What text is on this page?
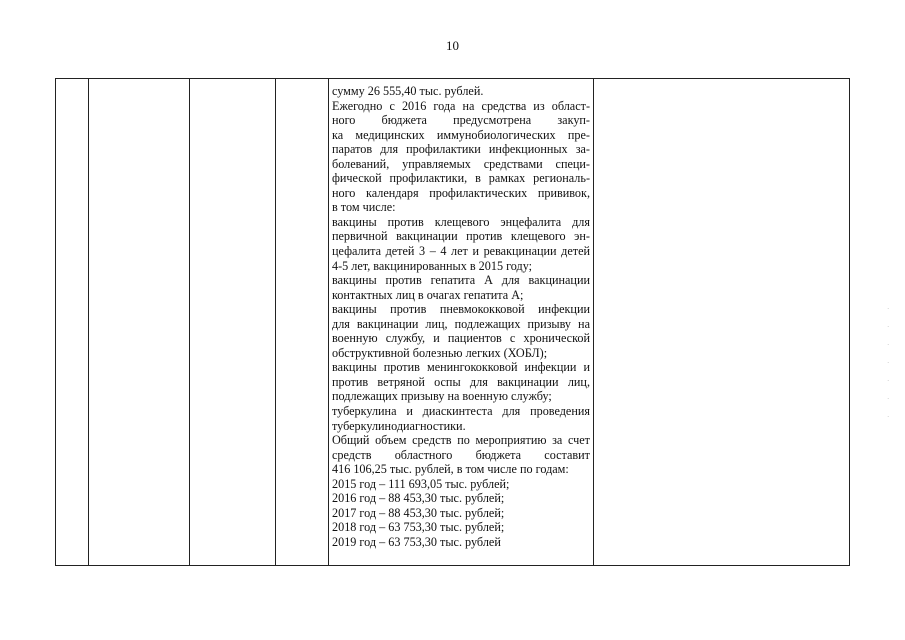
10

сумму 26 555,40 тыс. рублей.
Ежегодно с 2016 года на средства из област-
ного бюджета предусмотрена закуп-
ка медицинских иммунобиологических пре-
паратов для профилактики инфекционных за-
болеваний, управляемых средствами специ-
фической профилактики, в рамках региональ-
ного календаря профилактических прививок,
в том числе:
вакцины против клещевого энцефалита для
первичной вакцинации против клещевого эн-
цефалита детей 3 – 4 лет и ревакцинации детей
4-5 лет, вакцинированных в 2015 году;
вакцины против гепатита А для вакцинации
контактных лиц в очагах гепатита А;
вакцины против пневмококковой инфекции
для вакцинации лиц, подлежащих призыву на
военную службу, и пациентов с хронической
обструктивной болезнью легких (ХОБЛ);
вакцины против менингококковой инфекции и
против ветряной оспы для вакцинации лиц,
подлежащих призыву на военную службу;
туберкулина и диаскинтеста для проведения
туберкулинодиагностики.
Общий объем средств по мероприятию за счет
средств областного бюджета составит
416 106,25 тыс. рублей, в том числе по годам:
2015 год – 111 693,05 тыс. рублей;
2016 год – 88 453,30 тыс. рублей;
2017 год – 88 453,30 тыс. рублей;
2018 год – 63 753,30 тыс. рублей;
2019 год – 63 753,30 тыс. рублей

·
·
·
·
·
·
·
